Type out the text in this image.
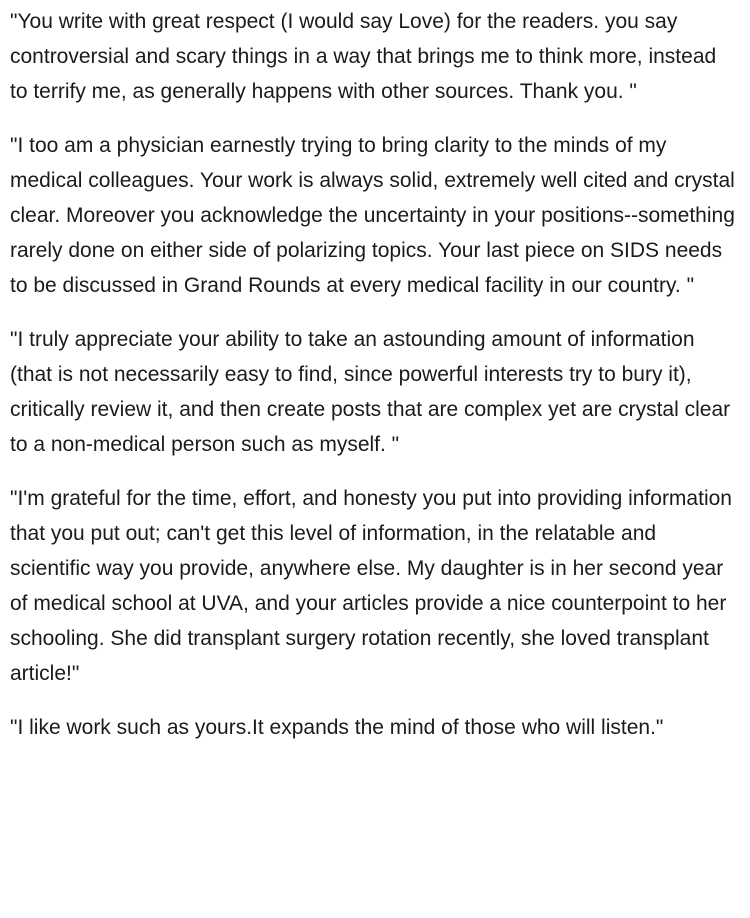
"You write with great respect (I would say Love) for the readers. you say controversial and scary things in a way that brings me to think more, instead to terrify me, as generally happens with other sources. Thank you. "

"I too am a physician earnestly trying to bring clarity to the minds of my medical colleagues. Your work is always solid, extremely well cited and crystal clear. Moreover you acknowledge the uncertainty in your positions--something rarely done on either side of polarizing topics. Your last piece on SIDS needs to be discussed in Grand Rounds at every medical facility in our country. "

"I truly appreciate your ability to take an astounding amount of information (that is not necessarily easy to find, since powerful interests try to bury it), critically review it, and then create posts that are complex yet are crystal clear to a non-medical person such as myself. "

"I'm grateful for the time, effort, and honesty you put into providing information that you put out; can't get this level of information, in the relatable and scientific way you provide, anywhere else. My daughter is in her second year of medical school at UVA, and your articles provide a nice counterpoint to her schooling. She did transplant surgery rotation recently, she loved transplant article!"

"I like work such as yours.It expands the mind of those who will listen."
